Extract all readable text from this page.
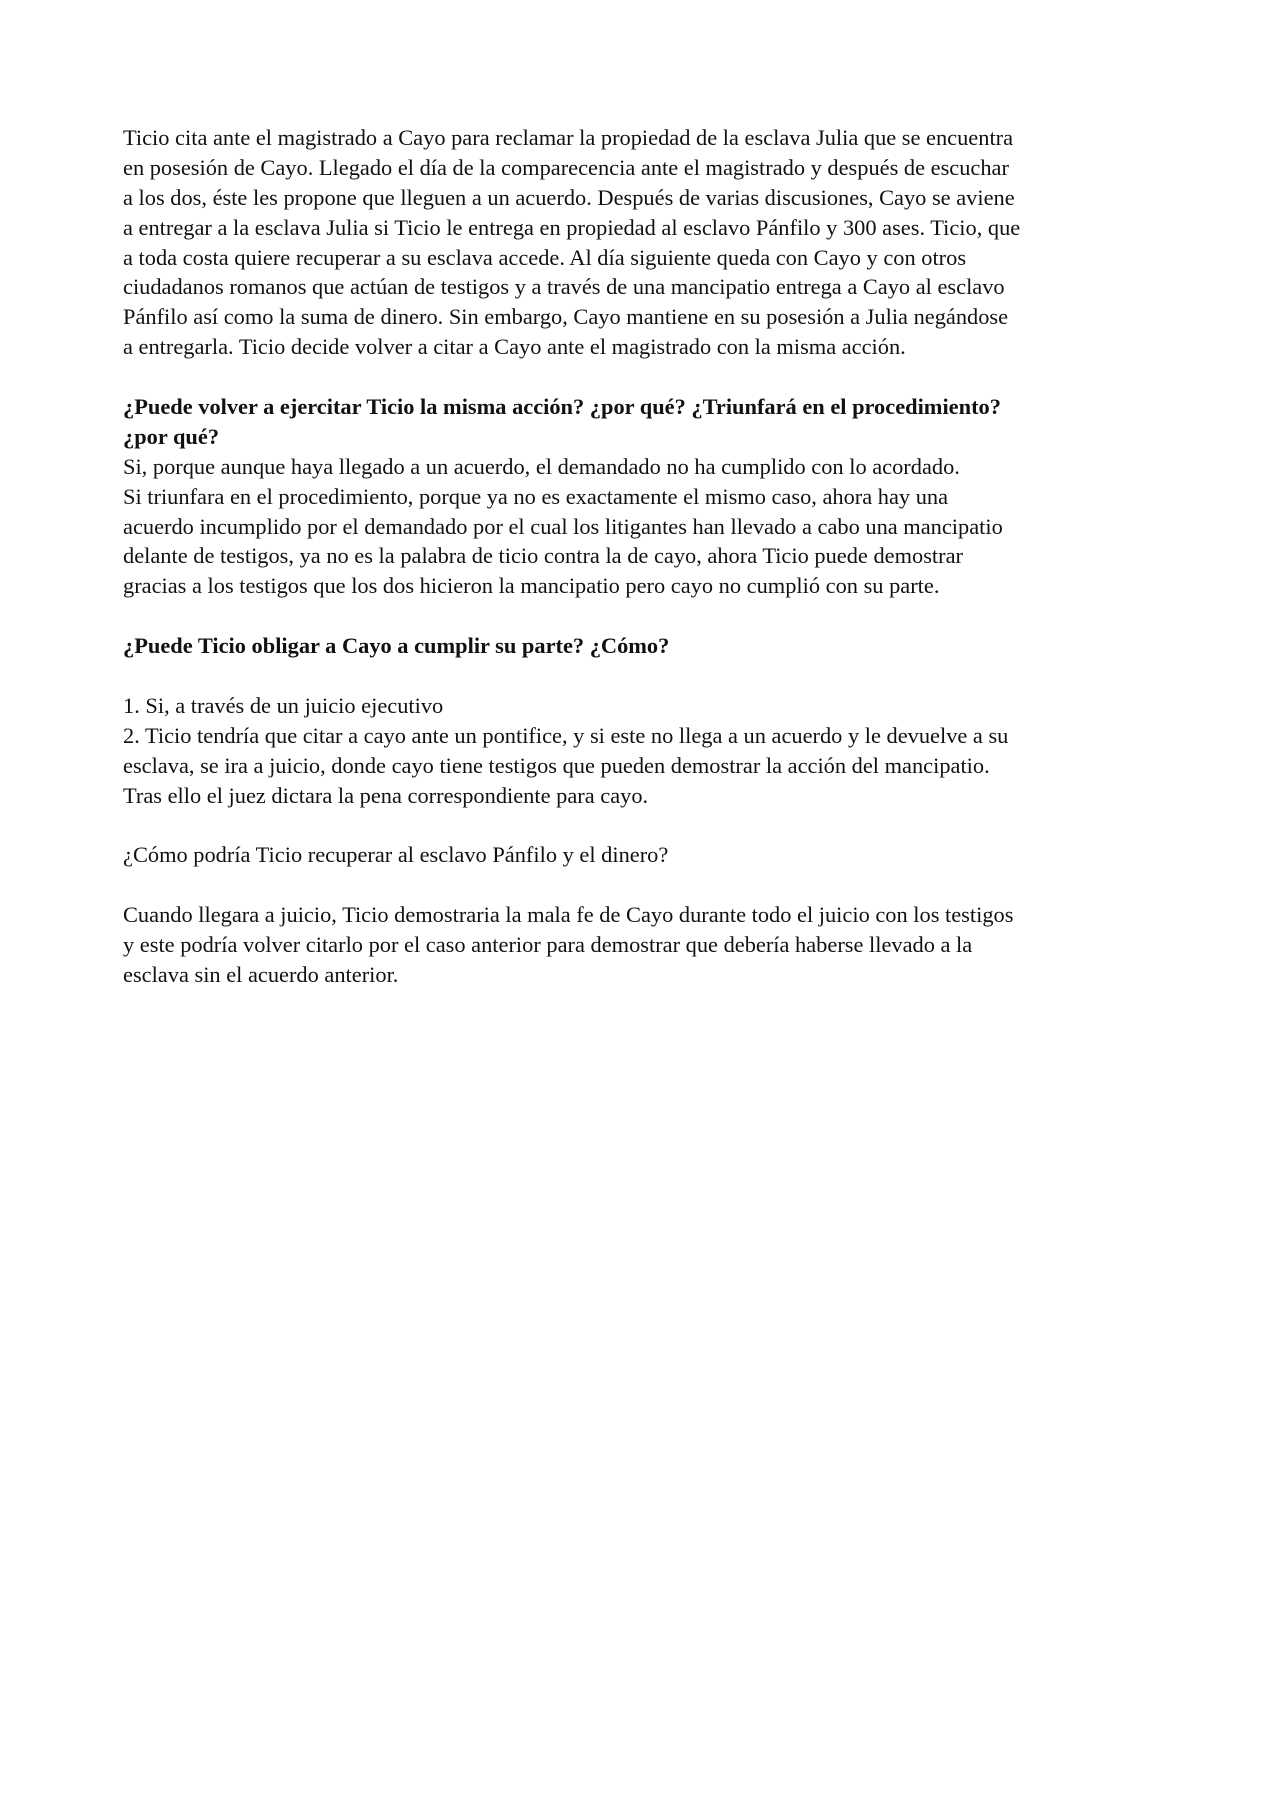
Ticio cita ante el magistrado a Cayo para reclamar la propiedad de la esclava Julia que se encuentra
en posesión de Cayo. Llegado el día de la comparecencia ante el magistrado y después de escuchar
a los dos, éste les propone que lleguen a un acuerdo. Después de varias discusiones, Cayo se aviene
a entregar a la esclava Julia si Ticio le entrega en propiedad al esclavo Pánfilo y 300 ases. Ticio, que
a toda costa quiere recuperar a su esclava accede. Al día siguiente queda con Cayo y con otros
ciudadanos romanos que actúan de testigos y a través de una mancipatio entrega a Cayo al esclavo
Pánfilo así como la suma de dinero. Sin embargo, Cayo mantiene en su posesión a Julia negándose
a entregarla. Ticio decide volver a citar a Cayo ante el magistrado con la misma acción.
¿Puede volver a ejercitar Ticio la misma acción? ¿por qué? ¿Triunfará en el procedimiento?
¿por qué?
Si, porque aunque haya llegado a un acuerdo, el demandado no ha cumplido con lo acordado.
Si triunfara en el procedimiento, porque ya no es exactamente el mismo caso, ahora hay una
acuerdo incumplido por el demandado por el cual los litigantes han llevado a cabo una mancipatio
delante de testigos, ya no es la palabra de ticio contra la de cayo, ahora Ticio puede demostrar
gracias a los testigos que los dos hicieron la mancipatio pero cayo no cumplió con su parte.
¿Puede Ticio obligar a Cayo a cumplir su parte? ¿Cómo?
1. Si, a través de un juicio ejecutivo
2. Ticio tendría que citar a cayo ante un pontifice, y si este no llega a un acuerdo y le devuelve a su
esclava, se ira a juicio, donde cayo tiene testigos que pueden demostrar la acción del mancipatio.
Tras ello el juez dictara la pena correspondiente para cayo.
¿Cómo podría Ticio recuperar al esclavo Pánfilo y el dinero?
Cuando llegara a juicio, Ticio demostraria la mala fe de Cayo durante todo el juicio con los testigos
y este podría volver citarlo por el caso anterior para demostrar que debería haberse llevado a la
esclava sin el acuerdo anterior.
